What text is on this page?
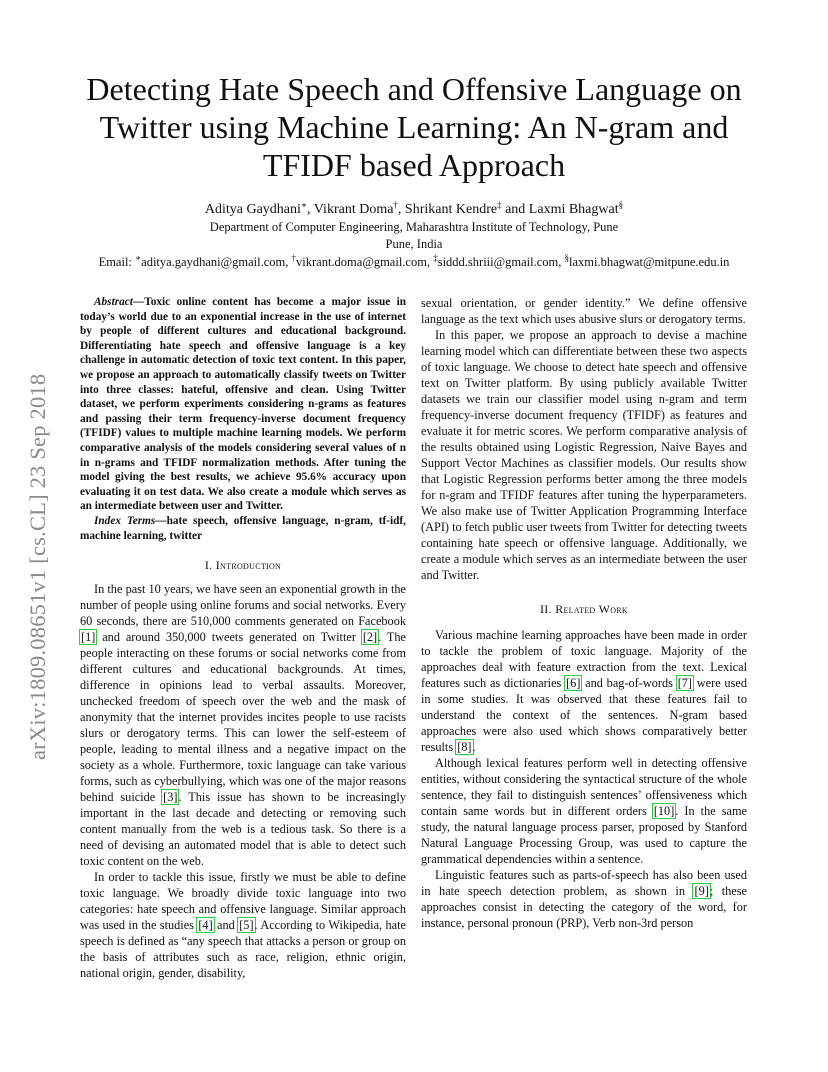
arXiv:1809.08651v1 [cs.CL] 23 Sep 2018
Detecting Hate Speech and Offensive Language on
Twitter using Machine Learning: An N-gram and
TFIDF based Approach
Aditya Gaydhani∗, Vikrant Doma†, Shrikant Kendre‡ and Laxmi Bhagwat§
Department of Computer Engineering, Maharashtra Institute of Technology, Pune
Pune, India
Email: ∗aditya.gaydhani@gmail.com, †vikrant.doma@gmail.com, ‡siddd.shriii@gmail.com, §laxmi.bhagwat@mitpune.edu.in

Abstract—Toxic online content has become a major issue in today’s world due to an exponential increase in the use of internet by people of different cultures and educational background. Differentiating hate speech and offensive language is a key challenge in automatic detection of toxic text content. In this paper, we propose an approach to automatically classify tweets on Twitter into three classes: hateful, offensive and clean. Using Twitter dataset, we perform experiments considering n-grams as features and passing their term frequency-inverse document frequency (TFIDF) values to multiple machine learning models. We perform comparative analysis of the models considering several values of n in n-grams and TFIDF normalization methods. After tuning the model giving the best results, we achieve 95.6% accuracy upon evaluating it on test data. We also create a module which serves as an intermediate between user and Twitter.

Index Terms—hate speech, offensive language, n-gram, tf-idf, machine learning, twitter

I. Introduction

In the past 10 years, we have seen an exponential growth in the number of people using online forums and social networks. Every 60 seconds, there are 510,000 comments generated on Facebook [1] and around 350,000 tweets generated on Twitter [2]. The people interacting on these forums or social networks come from different cultures and educational backgrounds. At times, difference in opinions lead to verbal assaults. Moreover, unchecked freedom of speech over the web and the mask of anonymity that the internet provides incites people to use racists slurs or derogatory terms. This can lower the self-esteem of people, leading to mental illness and a negative impact on the society as a whole. Furthermore, toxic language can take various forms, such as cyberbullying, which was one of the major reasons behind suicide [3]. This issue has shown to be increasingly important in the last decade and detecting or removing such content manually from the web is a tedious task. So there is a need of devising an automated model that is able to detect such toxic content on the web.

In order to tackle this issue, firstly we must be able to define toxic language. We broadly divide toxic language into two categories: hate speech and offensive language. Similar approach was used in the studies [4] and [5]. According to Wikipedia, hate speech is defined as “any speech that attacks a person or group on the basis of attributes such as race, religion, ethnic origin, national origin, gender, disability,

sexual orientation, or gender identity.” We define offensive language as the text which uses abusive slurs or derogatory terms.

In this paper, we propose an approach to devise a machine learning model which can differentiate between these two aspects of toxic language. We choose to detect hate speech and offensive text on Twitter platform. By using publicly available Twitter datasets we train our classifier model using n-gram and term frequency-inverse document frequency (TFIDF) as features and evaluate it for metric scores. We perform comparative analysis of the results obtained using Logistic Regression, Naive Bayes and Support Vector Machines as classifier models. Our results show that Logistic Regression performs better among the three models for n-gram and TFIDF features after tuning the hyperparameters. We also make use of Twitter Application Programming Interface (API) to fetch public user tweets from Twitter for detecting tweets containing hate speech or offensive language. Additionally, we create a module which serves as an intermediate between the user and Twitter.

II. Related Work

Various machine learning approaches have been made in order to tackle the problem of toxic language. Majority of the approaches deal with feature extraction from the text. Lexical features such as dictionaries [6] and bag-of-words [7] were used in some studies. It was observed that these features fail to understand the context of the sentences. N-gram based approaches were also used which shows comparatively better results [8].

Although lexical features perform well in detecting offensive entities, without considering the syntactical structure of the whole sentence, they fail to distinguish sentences’ offensiveness which contain same words but in different orders [10]. In the same study, the natural language process parser, proposed by Stanford Natural Language Processing Group, was used to capture the grammatical dependencies within a sentence.

Linguistic features such as parts-of-speech has also been used in hate speech detection problem, as shown in [9]; these approaches consist in detecting the category of the word, for instance, personal pronoun (PRP), Verb non-3rd person
